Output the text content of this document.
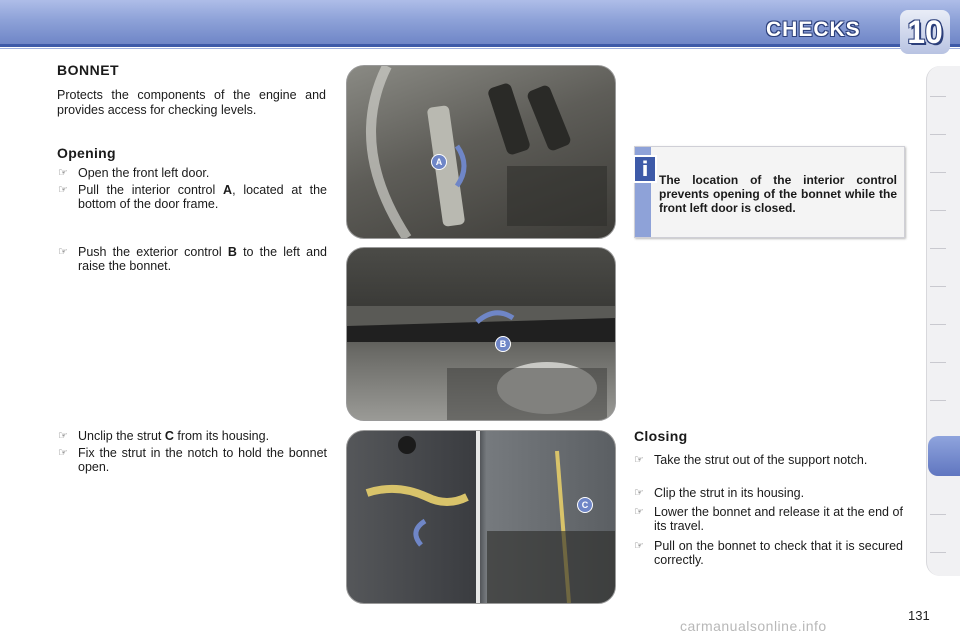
CHECKS 10
BONNET
Protects the components of the engine and provides access for checking levels.
Opening
☞ Open the front left door.
☞ Pull the interior control A, located at the bottom of the door frame.
☞ Push the exterior control B to the left and raise the bonnet.
☞ Unclip the strut C from its housing.
☞ Fix the strut in the notch to hold the bonnet open.
A
B
C
i The location of the interior control prevents opening of the bonnet while the front left door is closed.
Closing
☞ Take the strut out of the support notch.
☞ Clip the strut in its housing.
☞ Lower the bonnet and release it at the end of its travel.
☞ Pull on the bonnet to check that it is secured correctly.
131
carmanualsonline.info
